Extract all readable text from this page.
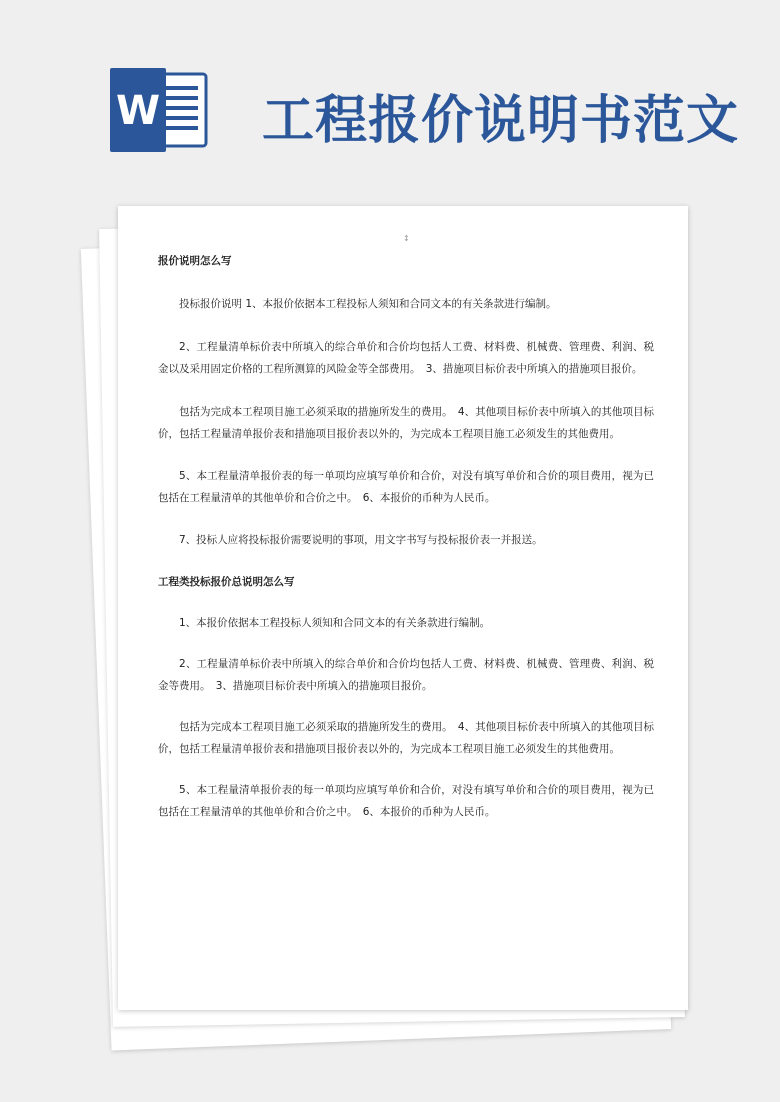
W 工程报价说明书范文
↕

报价说明怎么写

投标报价说明 1、本报价依据本工程投标人须知和合同文本的有关条款进行编制。

2、工程量清单标价表中所填入的综合单价和合价均包括人工费、材料费、机械费、管理费、利润、税金以及采用固定价格的工程所测算的风险金等全部费用。　3、措施项目标价表中所填入的措施项目报价。

包括为完成本工程项目施工必须采取的措施所发生的费用。　4、其他项目标价表中所填入的其他项目标价，包括工程量清单报价表和措施项目报价表以外的，为完成本工程项目施工必须发生的其他费用。

5、本工程量清单报价表的每一单项均应填写单价和合价，对没有填写单价和合价的项目费用，视为已包括在工程量清单的其他单价和合价之中。　6、本报价的币种为人民币。

7、投标人应将投标报价需要说明的事项，用文字书写与投标报价表一并报送。

工程类投标报价总说明怎么写

1、本报价依据本工程投标人须知和合同文本的有关条款进行编制。

2、工程量清单标价表中所填入的综合单价和合价均包括人工费、材料费、机械费、管理费、利润、税金等费用。　3、措施项目标价表中所填入的措施项目报价。

包括为完成本工程项目施工必须采取的措施所发生的费用。　4、其他项目标价表中所填入的其他项目标价，包括工程量清单报价表和措施项目报价表以外的，为完成本工程项目施工必须发生的其他费用。

5、本工程量清单报价表的每一单项均应填写单价和合价，对没有填写单价和合价的项目费用，视为已包括在工程量清单的其他单价和合价之中。　6、本报价的币种为人民币。
